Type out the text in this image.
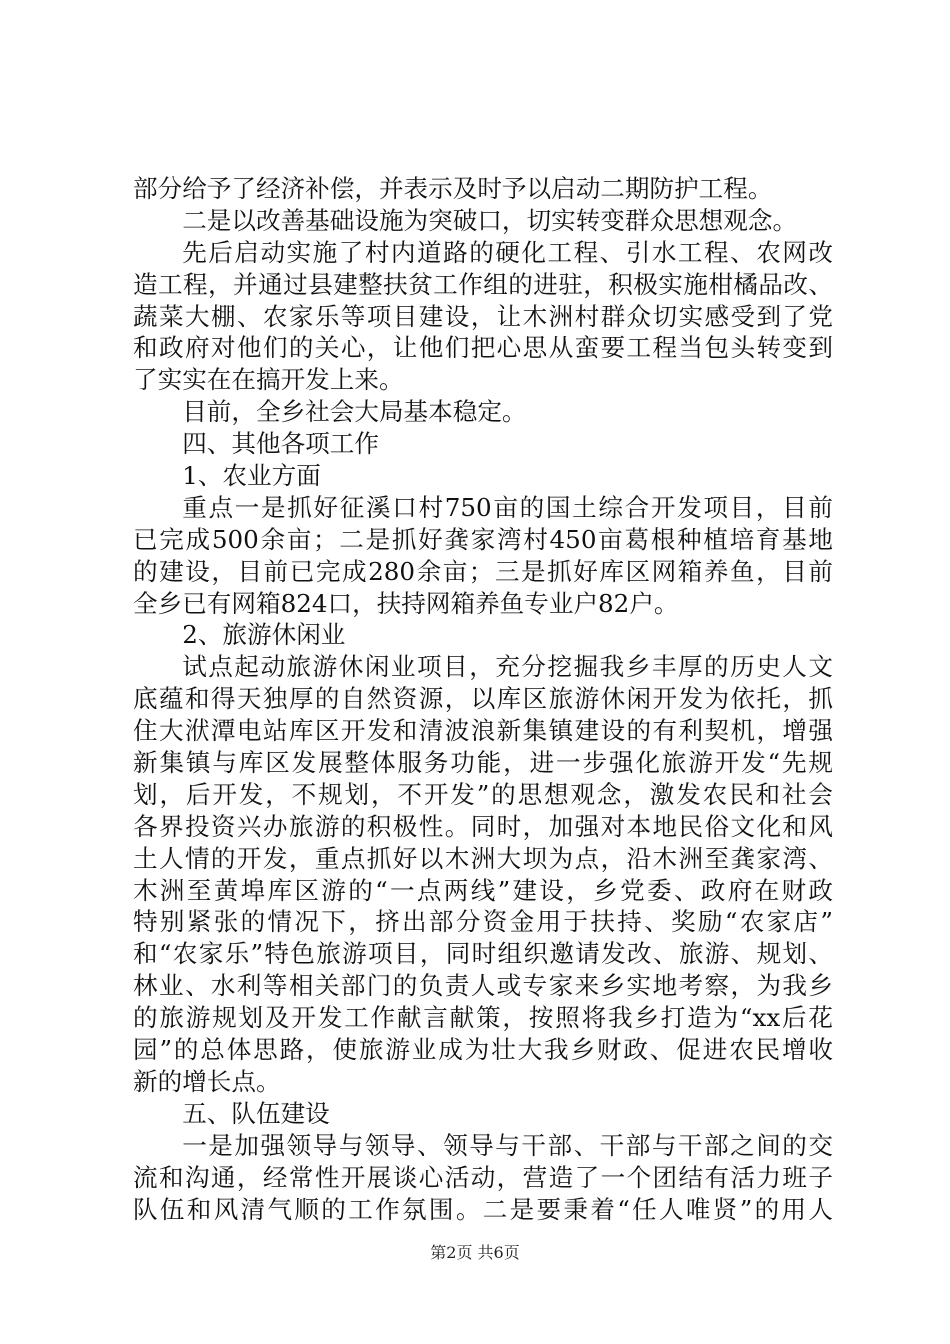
部分给予了经济补偿，并表示及时予以启动二期防护工程。
二是以改善基础设施为突破口，切实转变群众思想观念。
先后启动实施了村内道路的硬化工程、引水工程、农网改
造工程，并通过县建整扶贫工作组的进驻，积极实施柑橘品改、
蔬菜大棚、农家乐等项目建设，让木洲村群众切实感受到了党
和政府对他们的关心，让他们把心思从蛮要工程当包头转变到
了实实在在搞开发上来。
目前，全乡社会大局基本稳定。
四、其他各项工作
1、农业方面
重点一是抓好征溪口村750亩的国土综合开发项目，目前
已完成500余亩；二是抓好龚家湾村450亩葛根种植培育基地
的建设，目前已完成280余亩；三是抓好库区网箱养鱼，目前
全乡已有网箱824口，扶持网箱养鱼专业户82户。
2、旅游休闲业
试点起动旅游休闲业项目，充分挖掘我乡丰厚的历史人文
底蕴和得天独厚的自然资源，以库区旅游休闲开发为依托，抓
住大洑潭电站库区开发和清波浪新集镇建设的有利契机，增强
新集镇与库区发展整体服务功能，进一步强化旅游开发“先规
划，后开发，不规划，不开发”的思想观念，激发农民和社会
各界投资兴办旅游的积极性。同时，加强对本地民俗文化和风
土人情的开发，重点抓好以木洲大坝为点，沿木洲至龚家湾、
木洲至黄埠库区游的“一点两线”建设，乡党委、政府在财政
特别紧张的情况下，挤出部分资金用于扶持、奖励“农家店”
和“农家乐”特色旅游项目，同时组织邀请发改、旅游、规划、
林业、水利等相关部门的负责人或专家来乡实地考察，为我乡
的旅游规划及开发工作献言献策，按照将我乡打造为“xx后花
园”的总体思路，使旅游业成为壮大我乡财政、促进农民增收
新的增长点。
五、队伍建设
一是加强领导与领导、领导与干部、干部与干部之间的交
流和沟通，经常性开展谈心活动，营造了一个团结有活力班子
队伍和风清气顺的工作氛围。二是要秉着“任人唯贤”的用人
第2页 共6页
